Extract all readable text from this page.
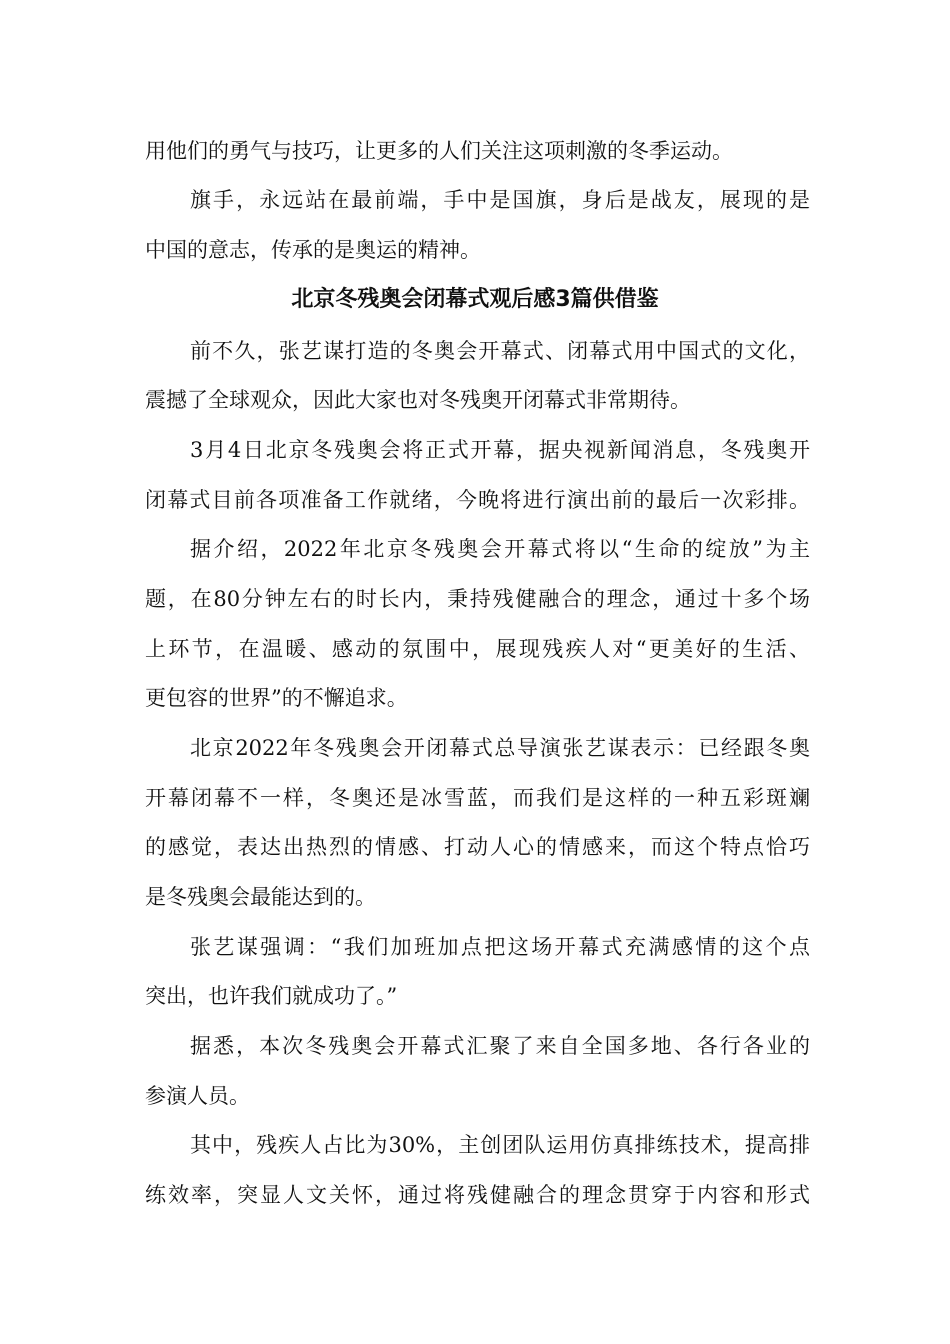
用他们的勇气与技巧，让更多的人们关注这项刺激的冬季运动。
旗手，永远站在最前端，手中是国旗，身后是战友，展现的是
中国的意志，传承的是奥运的精神。
北京冬残奥会闭幕式观后感3篇供借鉴
前不久，张艺谋打造的冬奥会开幕式、闭幕式用中国式的文化，
震撼了全球观众，因此大家也对冬残奥开闭幕式非常期待。
3月4日北京冬残奥会将正式开幕，据央视新闻消息，冬残奥开
闭幕式目前各项准备工作就绪，今晚将进行演出前的最后一次彩排。
据介绍，2022年北京冬残奥会开幕式将以“生命的绽放”为主
题，在80分钟左右的时长内，秉持残健融合的理念，通过十多个场
上环节，在温暖、感动的氛围中，展现残疾人对“更美好的生活、
更包容的世界”的不懈追求。
北京2022年冬残奥会开闭幕式总导演张艺谋表示：已经跟冬奥
开幕闭幕不一样，冬奥还是冰雪蓝，而我们是这样的一种五彩斑斓
的感觉，表达出热烈的情感、打动人心的情感来，而这个特点恰巧
是冬残奥会最能达到的。
张艺谋强调：“我们加班加点把这场开幕式充满感情的这个点
突出，也许我们就成功了。”
据悉，本次冬残奥会开幕式汇聚了来自全国多地、各行各业的
参演人员。
其中，残疾人占比为30%，主创团队运用仿真排练技术，提高排
练效率，突显人文关怀，通过将残健融合的理念贯穿于内容和形式
